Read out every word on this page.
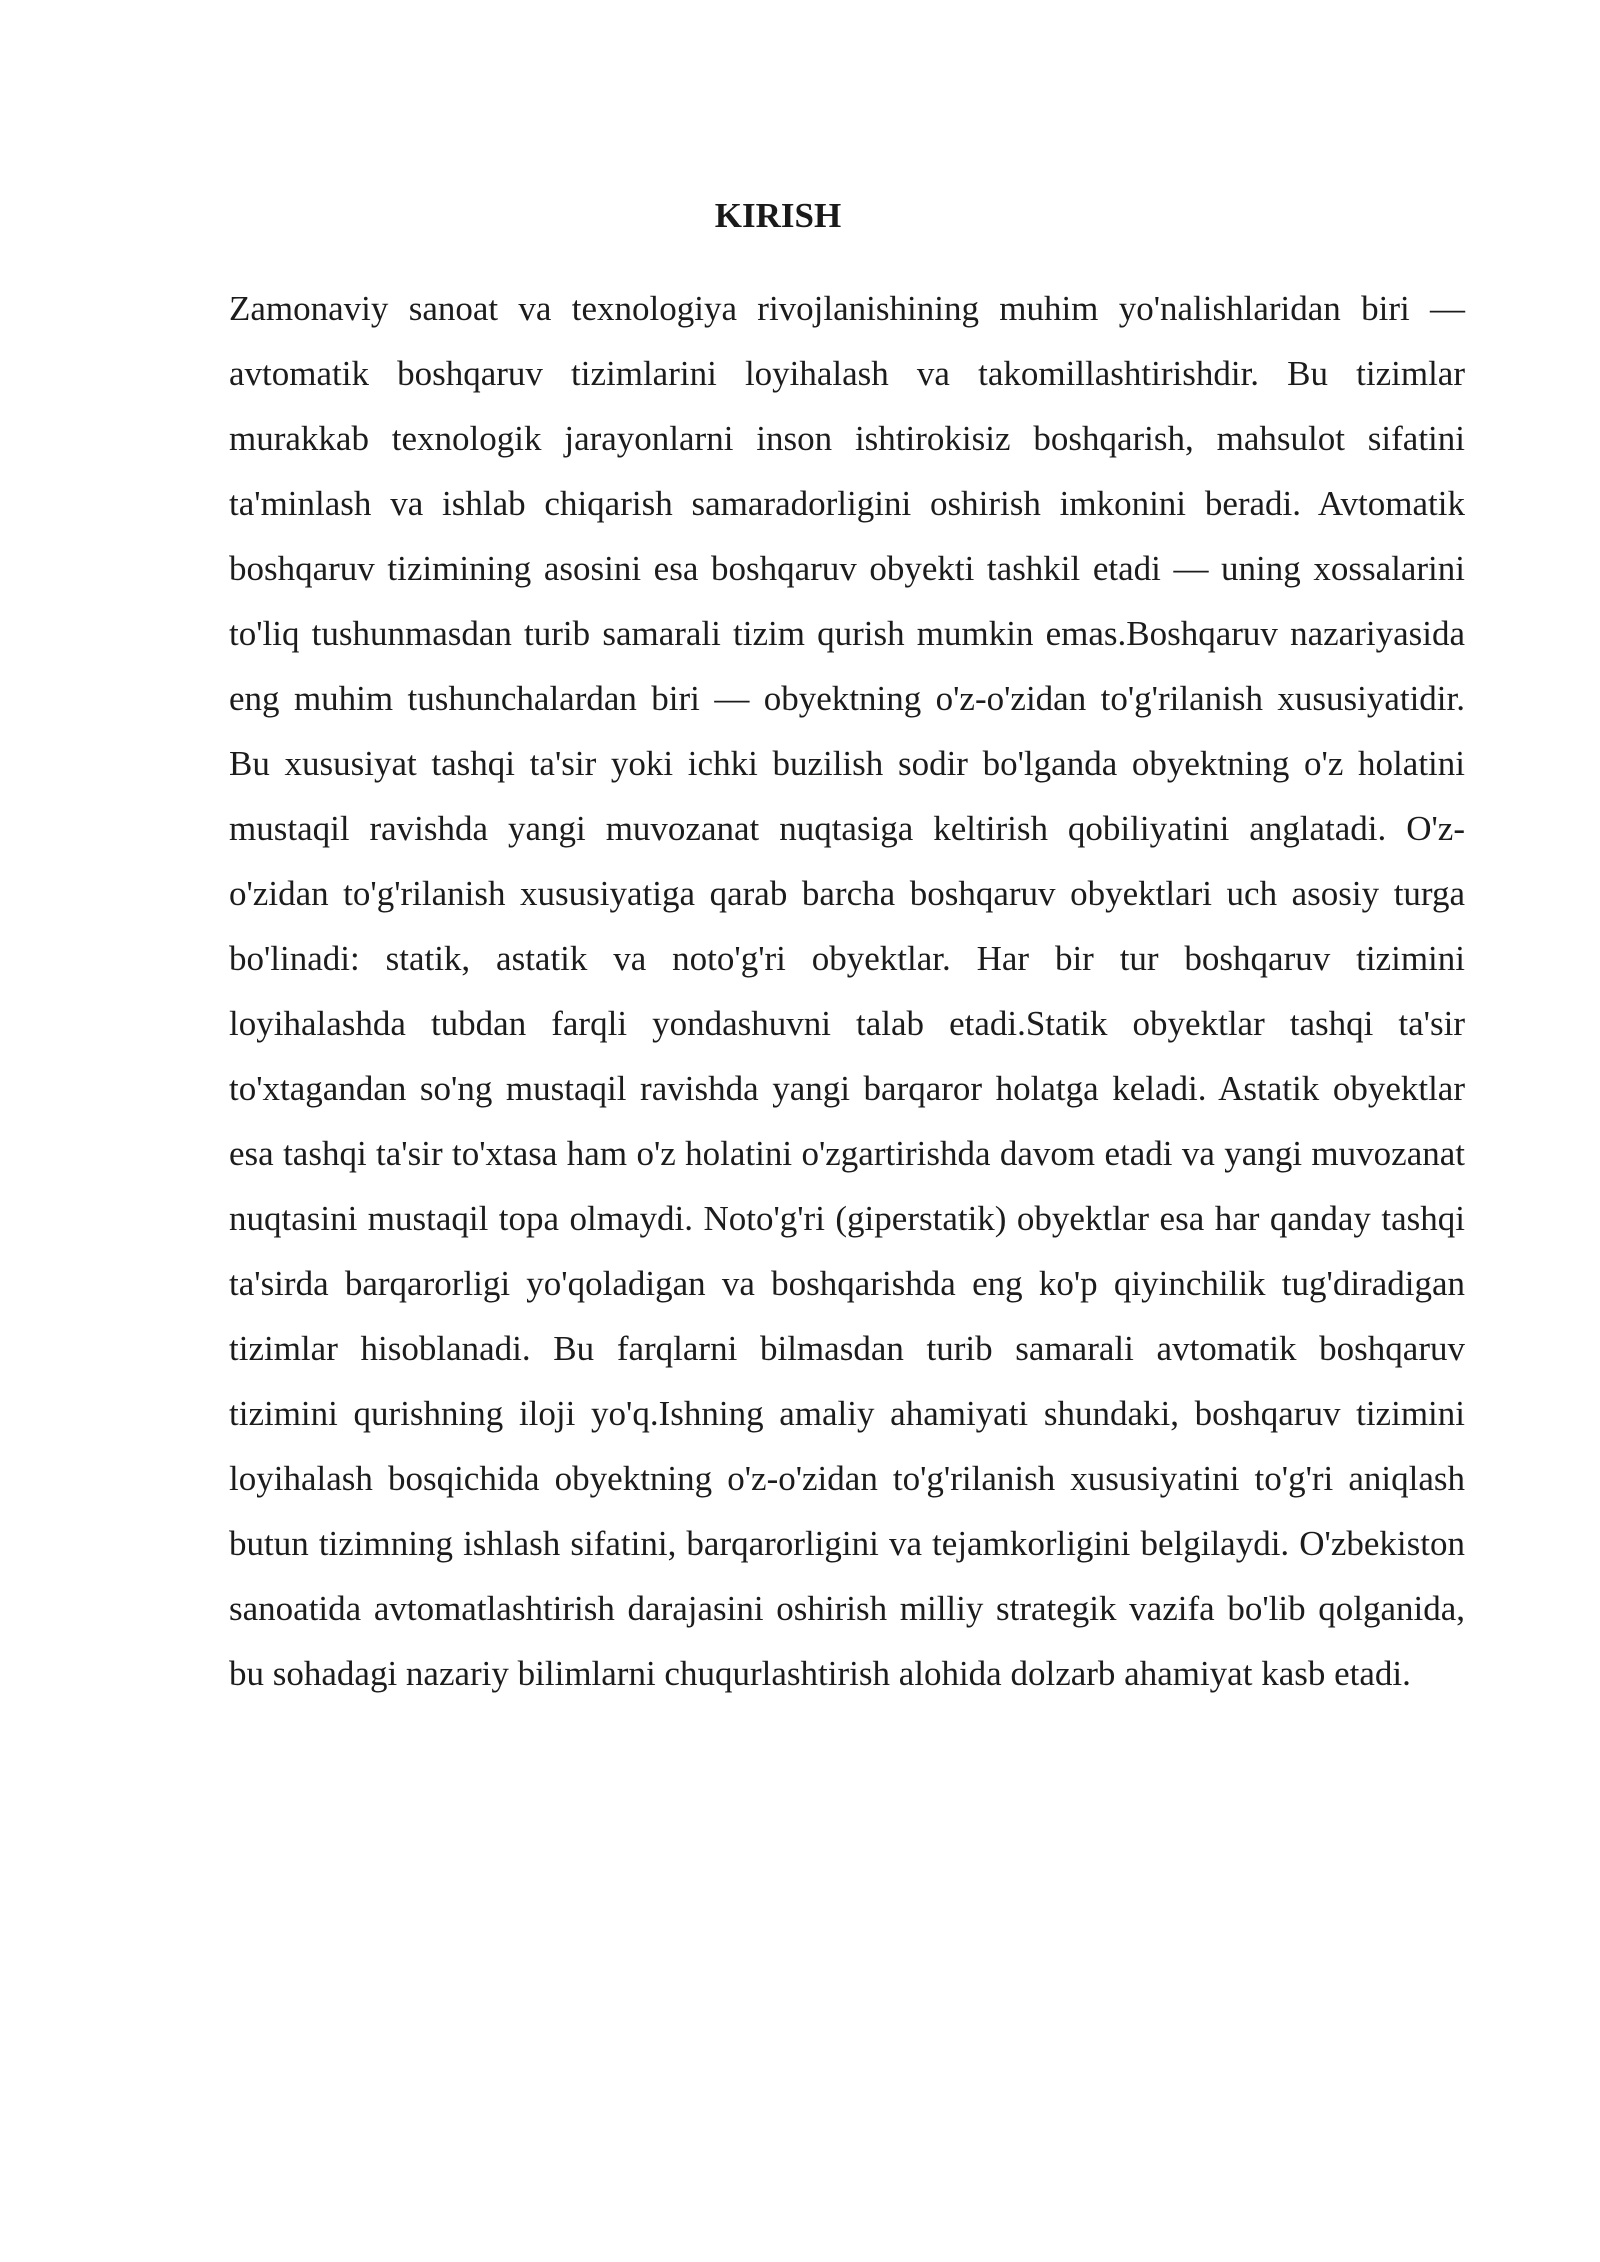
KIRISH

Zamonaviy sanoat va texnologiya rivojlanishining muhim yo'nalishlaridan biri — avtomatik boshqaruv tizimlarini loyihalash va takomillashtirishdir. Bu tizimlar murakkab texnologik jarayonlarni inson ishtirokisiz boshqarish, mahsulot sifatini ta'minlash va ishlab chiqarish samaradorligini oshirish imkonini beradi. Avtomatik boshqaruv tizimining asosini esa boshqaruv obyekti tashkil etadi — uning xossalarini to'liq tushunmasdan turib samarali tizim qurish mumkin emas.Boshqaruv nazariyasida eng muhim tushunchalardan biri — obyektning o'z-o'zidan to'g'rilanish xususiyatidir. Bu xususiyat tashqi ta'sir yoki ichki buzilish sodir bo'lganda obyektning o'z holatini mustaqil ravishda yangi muvozanat nuqtasiga keltirish qobiliyatini anglatadi. O'z-o'zidan to'g'rilanish xususiyatiga qarab barcha boshqaruv obyektlari uch asosiy turga bo'linadi: statik, astatik va noto'g'ri obyektlar. Har bir tur boshqaruv tizimini loyihalashda tubdan farqli yondashuvni talab etadi.Statik obyektlar tashqi ta'sir to'xtagandan so'ng mustaqil ravishda yangi barqaror holatga keladi. Astatik obyektlar esa tashqi ta'sir to'xtasa ham o'z holatini o'zgartirishda davom etadi va yangi muvozanat nuqtasini mustaqil topa olmaydi. Noto'g'ri (giperstatik) obyektlar esa har qanday tashqi ta'sirda barqarorligi yo'qoladigan va boshqarishda eng ko'p qiyinchilik tug'diradigan tizimlar hisoblanadi. Bu farqlarni bilmasdan turib samarali avtomatik boshqaruv tizimini qurishning iloji yo'q.Ishning amaliy ahamiyati shundaki, boshqaruv tizimini loyihalash bosqichida obyektning o'z-o'zidan to'g'rilanish xususiyatini to'g'ri aniqlash butun tizimning ishlash sifatini, barqarorligini va tejamkorligini belgilaydi. O'zbekiston sanoatida avtomatlashtirish darajasini oshirish milliy strategik vazifa bo'lib qolganida, bu sohadagi nazariy bilimlarni chuqurlashtirish alohida dolzarb ahamiyat kasb etadi.
